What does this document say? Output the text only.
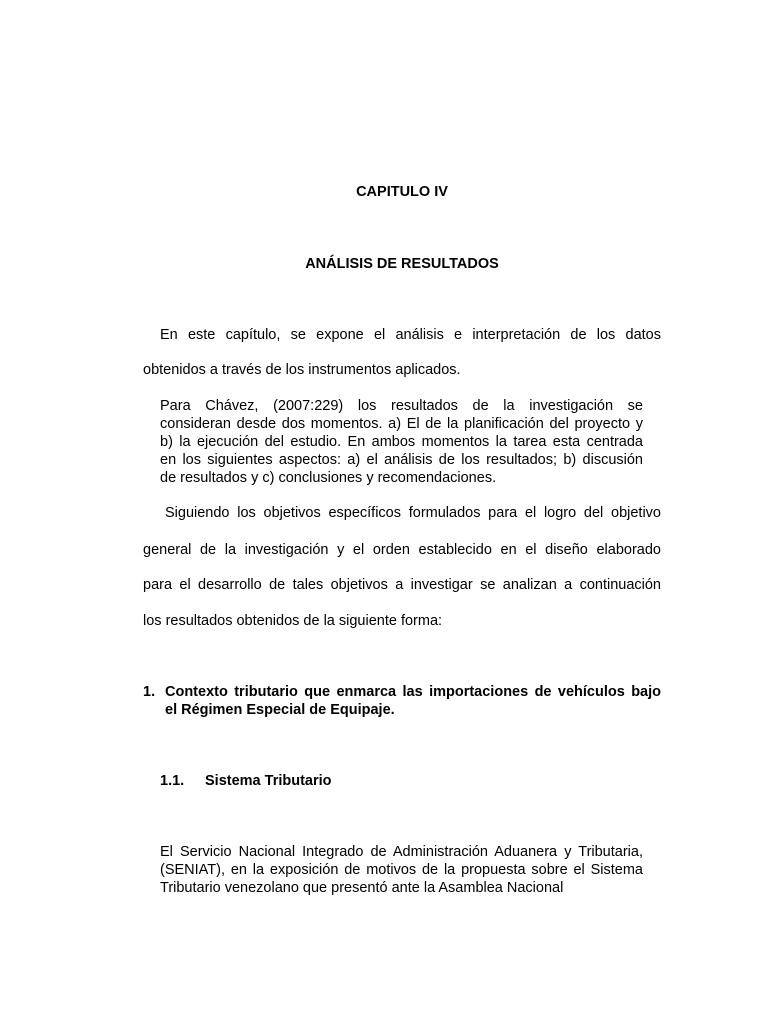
CAPITULO IV

ANÁLISIS DE RESULTADOS

En este capítulo, se expone el análisis e interpretación de los datos

obtenidos a través de los instrumentos aplicados.

Para Chávez, (2007:229) los resultados de la investigación se
consideran desde dos momentos. a) El de la planificación del proyecto y
b) la ejecución del estudio. En ambos momentos la tarea esta centrada
en los siguientes aspectos: a) el análisis de los resultados; b) discusión
de resultados y c) conclusiones y recomendaciones.

Siguiendo los objetivos específicos formulados para el logro del objetivo

general de la investigación y el orden establecido en el diseño elaborado

para el desarrollo de tales objetivos a investigar se analizan a continuación

los resultados obtenidos de la siguiente forma:

1. Contexto tributario que enmarca las importaciones de vehículos bajo
el Régimen Especial de Equipaje.
1.1. Sistema Tributario
El Servicio Nacional Integrado de Administración Aduanera y Tributaria,
(SENIAT), en la exposición de motivos de la propuesta sobre el Sistema
Tributario venezolano que presentó ante la Asamblea Nacional
